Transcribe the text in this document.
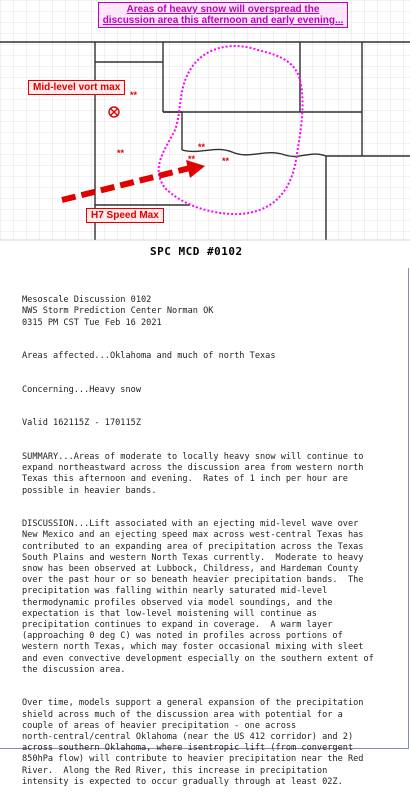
**
**
**
**
**
Areas of heavy snow will overspread the discussion area this afternoon and early evening...
Mid-level vort max
H7 Speed Max
SPC MCD #0102

Mesoscale Discussion 0102
NWS Storm Prediction Center Norman OK
0315 PM CST Tue Feb 16 2021

Areas affected...Oklahoma and much of north Texas

Concerning...Heavy snow

Valid 162115Z - 170115Z

SUMMARY...Areas of moderate to locally heavy snow will continue to
expand northeastward across the discussion area from western north
Texas this afternoon and evening.  Rates of 1 inch per hour are
possible in heavier bands.

DISCUSSION...Lift associated with an ejecting mid-level wave over
New Mexico and an ejecting speed max across west-central Texas has
contributed to an expanding area of precipitation across the Texas
South Plains and western North Texas currently.  Moderate to heavy
snow has been observed at Lubbock, Childress, and Hardeman County
over the past hour or so beneath heavier precipitation bands.  The
precipitation was falling within nearly saturated mid-level
thermodynamic profiles observed via model soundings, and the
expectation is that low-level moistening will continue as
precipitation continues to expand in coverage.  A warm layer
(approaching 0 deg C) was noted in profiles across portions of
western north Texas, which may foster occasional mixing with sleet
and even convective development especially on the southern extent of
the discussion area.

Over time, models support a general expansion of the precipitation
shield across much of the discussion area with potential for a
couple of areas of heavier precipitation - one across
north-central/central Oklahoma (near the US 412 corridor) and 2)
across southern Oklahoma, where isentropic lift (from convergent
850hPa flow) will contribute to heavier precipitation near the Red
River.  Along the Red River, this increase in precipitation
intensity is expected to occur gradually through at least 02Z.
